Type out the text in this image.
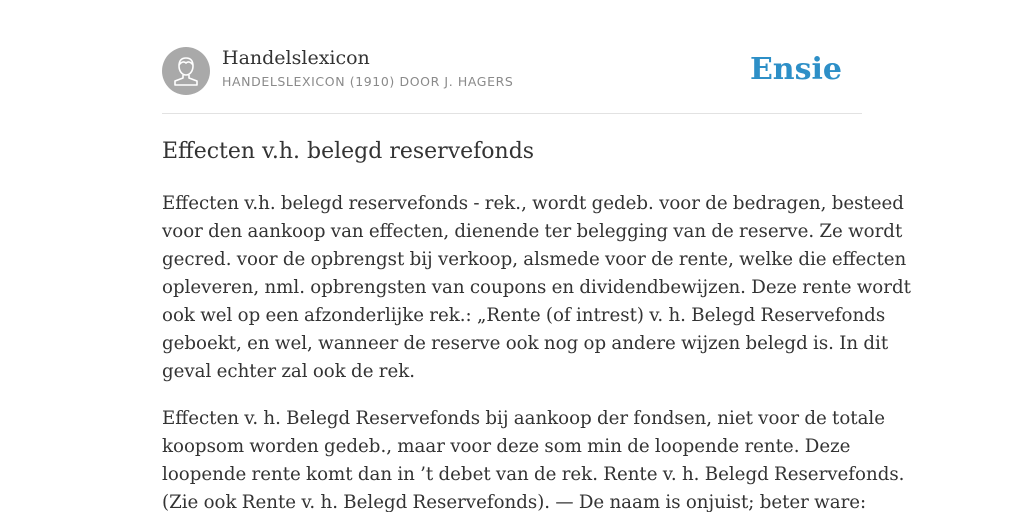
Handelslexicon
HANDELSLEXICON (1910) DOOR J. HAGERS	Ensie
Effecten v.h. belegd reservefonds

Effecten v.h. belegd reservefonds - rek., wordt gedeb. voor de bedragen, besteed
voor den aankoop van effecten, dienende ter belegging van de reserve. Ze wordt
gecred. voor de opbrengst bij verkoop, alsmede voor de rente, welke die effecten
opleveren, nml. opbrengsten van coupons en dividendbewijzen. Deze rente wordt
ook wel op een afzonderlijke rek.: „Rente (of intrest) v. h. Belegd Reservefonds
geboekt, en wel, wanneer de reserve ook nog op andere wijzen belegd is. In dit
geval echter zal ook de rek.

Effecten v. h. Belegd Reservefonds bij aankoop der fondsen, niet voor de totale
koopsom worden gedeb., maar voor deze som min de loopende rente. Deze
loopende rente komt dan in ’t debet van de rek. Rente v. h. Belegd Reservefonds.
(Zie ook Rente v. h. Belegd Reservefonds). — De naam is onjuist; beter ware:
